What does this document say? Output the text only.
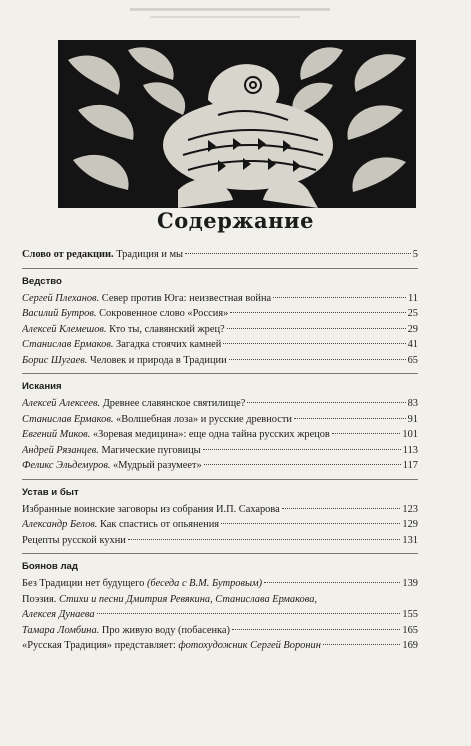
Содержание
Слово от редакции. Традиция и мы	5
Ведство
Сергей Плеханов. Север против Юга: неизвестная война	11
Василий Бутров. Сокровенное слово «Россия»	25
Алексей Клемешов. Кто ты, славянский жрец?	29
Станислав Ермаков. Загадка стоячих камней	41
Борис Шугаев. Человек и природа в Традиции	65
Искания
Алексей Алексеев. Древнее славянское святилище?	83
Станислав Ермаков. «Волшебная лоза» и русские древности	91
Евгений Миков. «Зоревая медицина»: еще одна тайна русских жрецов	101
Андрей Рязанцев. Магические пуговицы	113
Феликс Эльдемуров. «Мудрый разумеет»	117
Устав и быт
Избранные воинские заговоры из собрания И.П. Сахарова	123
Александр Белов. Как спастись от опьянения	129
Рецепты русской кухни	131
Боянов лад
Без Традиции нет будущего (беседа с В.М. Бутровым)	139
Поэзия. Стихи и песни Дмитрия Ревякина, Станислава Ермакова,
Алексея Дунаева	155
Тамара Ломбина. Про живую воду (побасенка)	165
«Русская Традиция» представляет: фотохудожник Сергей Воронин	169
